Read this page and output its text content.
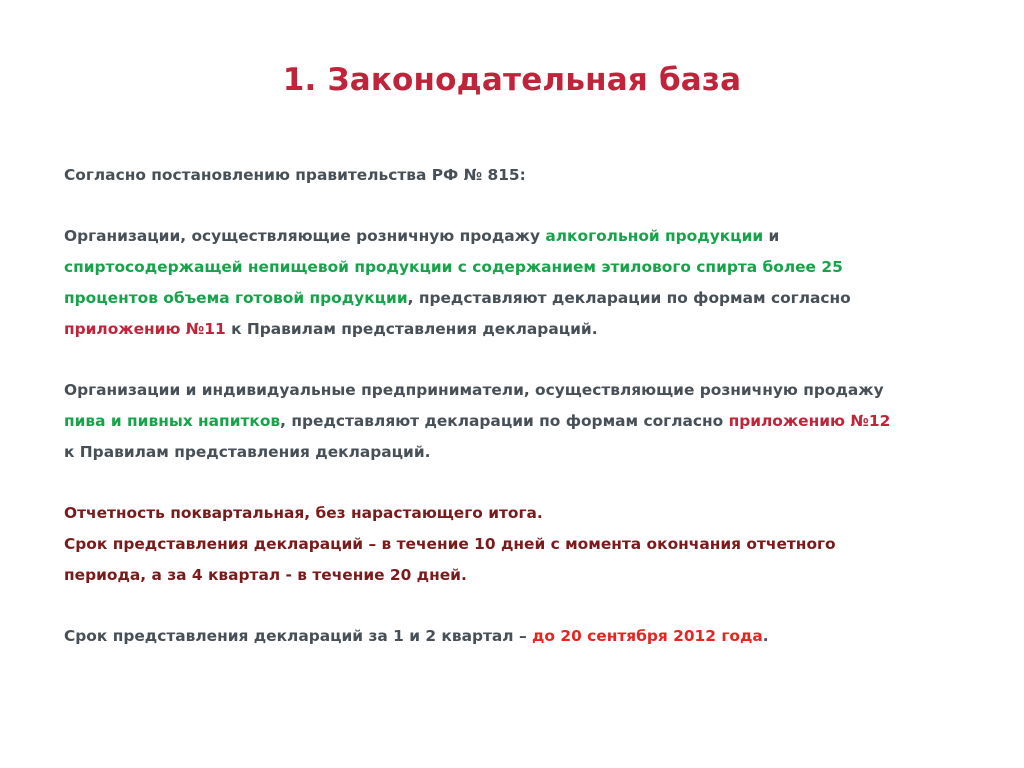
1. Законодательная база

Согласно постановлению правительства РФ № 815:

Организации, осуществляющие розничную продажу алкогольной продукции и

спиртосодержащей непищевой продукции с содержанием этилового спирта более 25

процентов объема готовой продукции, представляют декларации по формам согласно

приложению №11 к Правилам представления деклараций.

Организации и индивидуальные предприниматели, осуществляющие розничную продажу

пива и пивных напитков, представляют декларации по формам согласно приложению №12

к Правилам представления деклараций.

Отчетность поквартальная, без нарастающего итога.

Срок представления деклараций – в течение 10 дней с момента окончания отчетного

периода, а за 4 квартал - в течение 20 дней.

Срок представления деклараций за 1 и 2 квартал – до 20 сентября 2012 года.
